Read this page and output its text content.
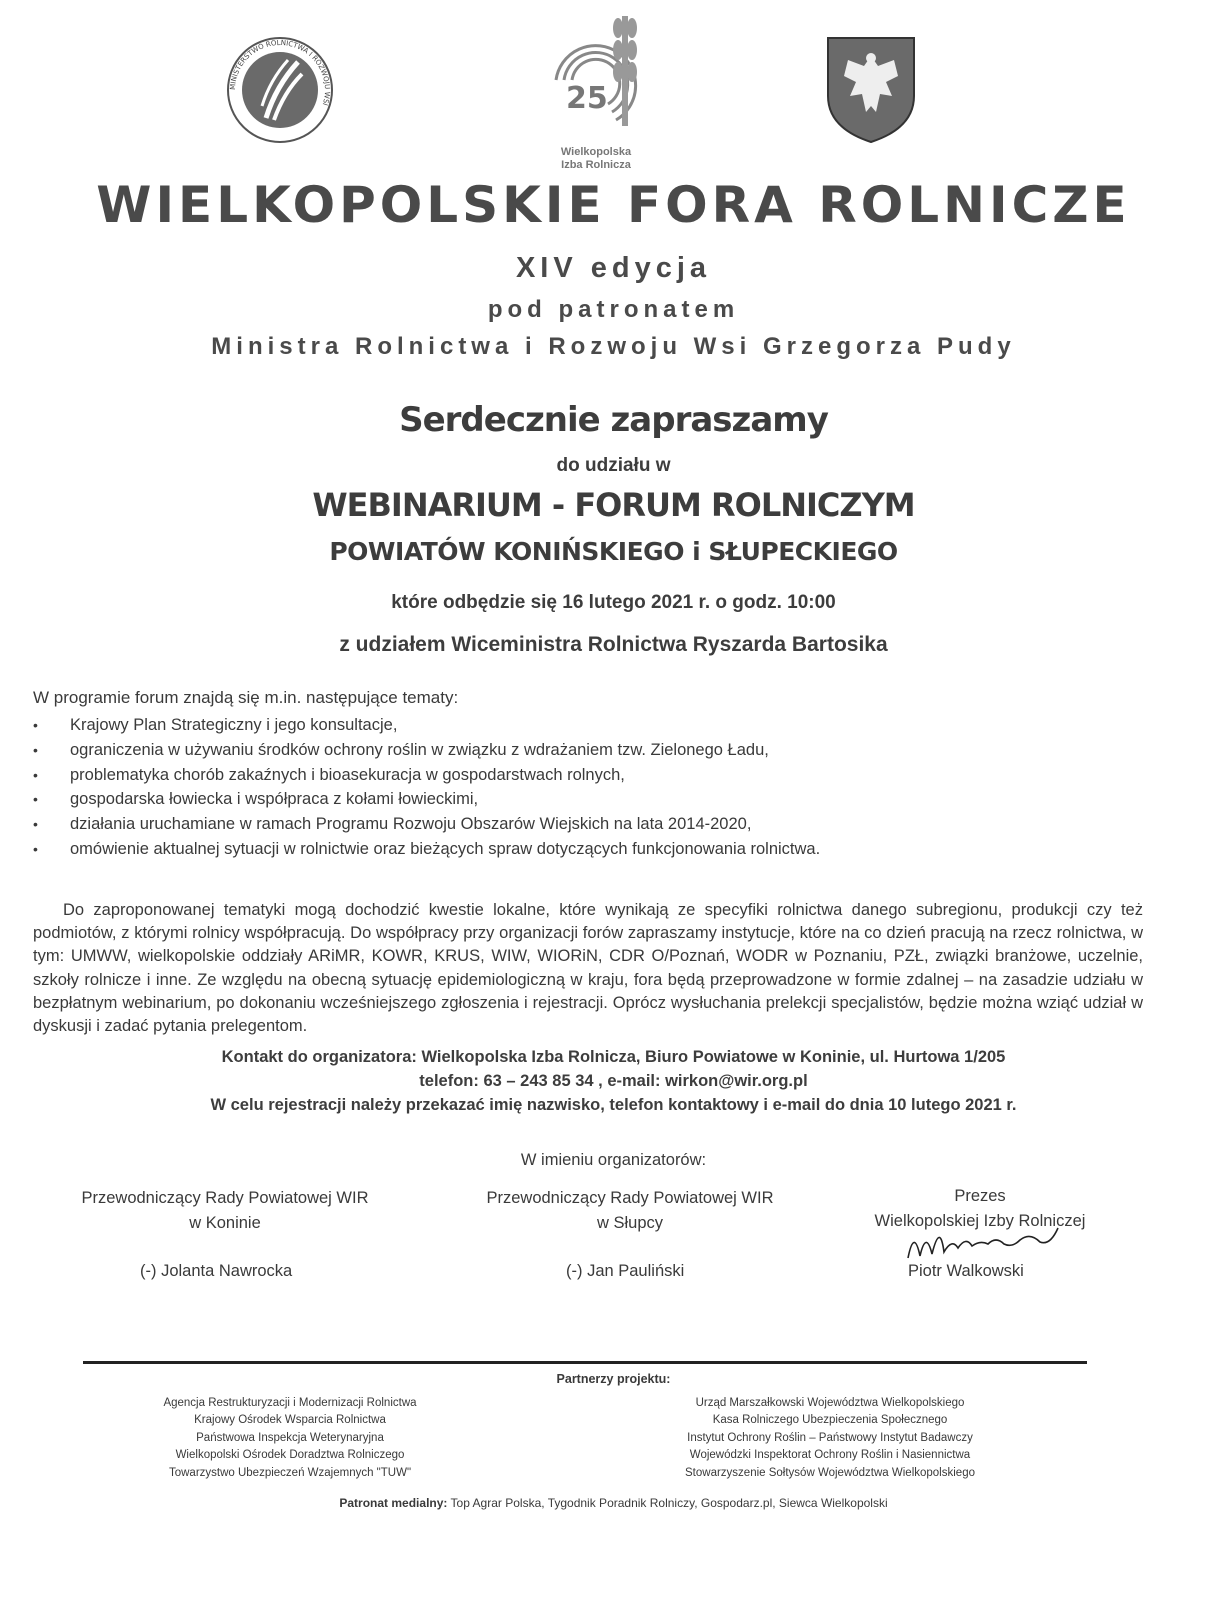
MINISTERSTWO ROLNICTWA I ROZWOJU WSI	25
Wielkopolska
Izba Rolnicza
WIELKOPOLSKIE FORA ROLNICZE
XIV edycja
pod patronatem
Ministra Rolnictwa i Rozwoju Wsi Grzegorza Pudy
Serdecznie zapraszamy
do udziału w
WEBINARIUM - FORUM ROLNICZYM
POWIATÓW KONIŃSKIEGO i SŁUPECKIEGO
które odbędzie się 16 lutego 2021 r. o godz. 10:00
z udziałem Wiceministra Rolnictwa Ryszarda Bartosika
W programie forum znajdą się m.in. następujące tematy:
• Krajowy Plan Strategiczny i jego konsultacje,
• ograniczenia w używaniu środków ochrony roślin w związku z wdrażaniem tzw. Zielonego Ładu,
• problematyka chorób zakaźnych i bioasekuracja w gospodarstwach rolnych,
• gospodarska łowiecka i współpraca z kołami łowieckimi,
• działania uruchamiane w ramach Programu Rozwoju Obszarów Wiejskich na lata 2014-2020,
• omówienie aktualnej sytuacji w rolnictwie oraz bieżących spraw dotyczących funkcjonowania rolnictwa.
Do zaproponowanej tematyki mogą dochodzić kwestie lokalne, które wynikają ze specyfiki rolnictwa danego subregionu, produkcji czy też podmiotów, z którymi rolnicy współpracują. Do współpracy przy organizacji forów zapraszamy instytucje, które na co dzień pracują na rzecz rolnictwa, w tym: UMWW, wielkopolskie oddziały ARiMR, KOWR, KRUS, WIW, WIORiN, CDR O/Poznań, WODR w Poznaniu, PZŁ, związki branżowe, uczelnie, szkoły rolnicze i inne. Ze względu na obecną sytuację epidemiologiczną w kraju, fora będą przeprowadzone w formie zdalnej – na zasadzie udziału w bezpłatnym webinarium, po dokonaniu wcześniejszego zgłoszenia i rejestracji. Oprócz wysłuchania prelekcji specjalistów, będzie można wziąć udział w dyskusji i zadać pytania prelegentom.
Kontakt do organizatora: Wielkopolska Izba Rolnicza, Biuro Powiatowe w Koninie, ul. Hurtowa 1/205
telefon: 63 – 243 85 34 , e-mail: wirkon@wir.org.pl
W celu rejestracji należy przekazać imię nazwisko, telefon kontaktowy i e-mail do dnia 10 lutego 2021 r.
W imieniu organizatorów:
Przewodniczący Rady Powiatowej WIR
w Koninie
(-) Jolanta Nawrocka
Przewodniczący Rady Powiatowej WIR
w Słupcy
(-) Jan Pauliński
Prezes
Wielkopolskiej Izby Rolniczej
Piotr Walkowski
Partnerzy projektu:
Agencja Restrukturyzacji i Modernizacji Rolnictwa
Krajowy Ośrodek Wsparcia Rolnictwa
Państwowa Inspekcja Weterynaryjna
Wielkopolski Ośrodek Doradztwa Rolniczego
Towarzystwo Ubezpieczeń Wzajemnych "TUW"
Urząd Marszałkowski Województwa Wielkopolskiego
Kasa Rolniczego Ubezpieczenia Społecznego
Instytut Ochrony Roślin – Państwowy Instytut Badawczy
Wojewódzki Inspektorat Ochrony Roślin i Nasiennictwa
Stowarzyszenie Sołtysów Województwa Wielkopolskiego
Patronat medialny: Top Agrar Polska, Tygodnik Poradnik Rolniczy, Gospodarz.pl, Siewca Wielkopolski
